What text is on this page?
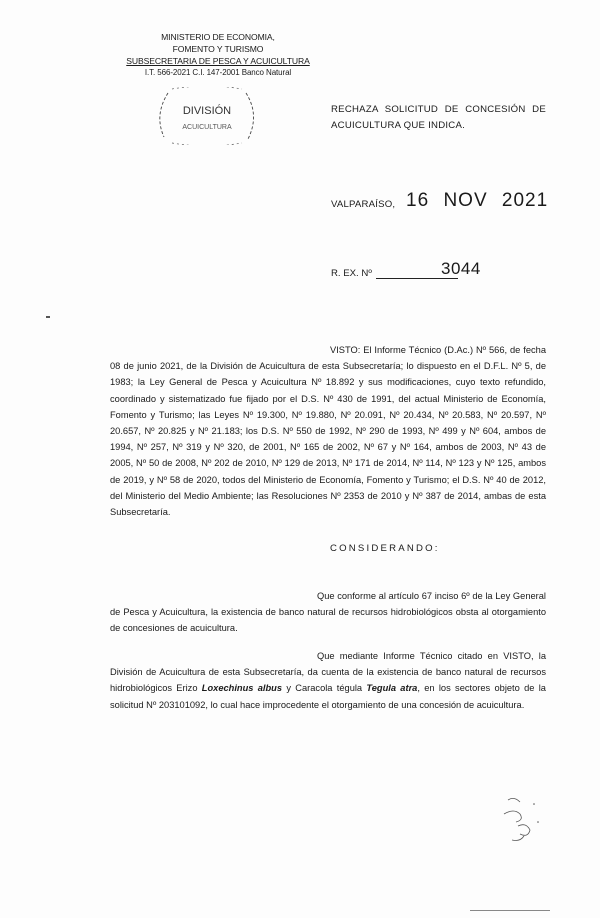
MINISTERIO DE ECONOMIA,
FOMENTO Y TURISMO
SUBSECRETARIA DE PESCA Y ACUICULTURA
I.T. 566-2021 C.I. 147-2001 Banco Natural
DIVISIÓN
ACUICULTURA
RECHAZA SOLICITUD DE CONCESIÓN DE ACUICULTURA QUE INDICA.
VALPARAÍSO, 16 NOV 2021
R. EX. Nº	3044
VISTO: El Informe Técnico (D.Ac.) Nº 566, de fecha 08 de junio 2021, de la División de Acuicultura de esta Subsecretaría; lo dispuesto en el D.F.L. Nº 5, de 1983; la Ley General de Pesca y Acuicultura Nº 18.892 y sus modificaciones, cuyo texto refundido, coordinado y sistematizado fue fijado por el D.S. Nº 430 de 1991, del actual Ministerio de Economía, Fomento y Turismo; las Leyes Nº 19.300, Nº 19.880, Nº 20.091, Nº 20.434, Nº 20.583, Nº 20.597, Nº 20.657, Nº 20.825 y Nº 21.183; los D.S. Nº 550 de 1992, Nº 290 de 1993, Nº 499 y Nº 604, ambos de 1994, Nº 257, Nº 319 y Nº 320, de 2001, Nº 165 de 2002, Nº 67 y Nº 164, ambos de 2003, Nº 43 de 2005, Nº 50 de 2008, Nº 202 de 2010, Nº 129 de 2013, Nº 171 de 2014, Nº 114, Nº 123 y Nº 125, ambos de 2019, y Nº 58 de 2020, todos del Ministerio de Economía, Fomento y Turismo; el D.S. Nº 40 de 2012, del Ministerio del Medio Ambiente; las Resoluciones Nº 2353 de 2010 y Nº 387 de 2014, ambas de esta Subsecretaría.
CONSIDERANDO:
Que conforme al artículo 67 inciso 6º de la Ley General de Pesca y Acuicultura, la existencia de banco natural de recursos hidrobiológicos obsta al otorgamiento de concesiones de acuicultura.
Que mediante Informe Técnico citado en VISTO, la División de Acuicultura de esta Subsecretaría, da cuenta de la existencia de banco natural de recursos hidrobiológicos Erizo Loxechinus albus y Caracola tégula Tegula atra, en los sectores objeto de la solicitud Nº 203101092, lo cual hace improcedente el otorgamiento de una concesión de acuicultura.
